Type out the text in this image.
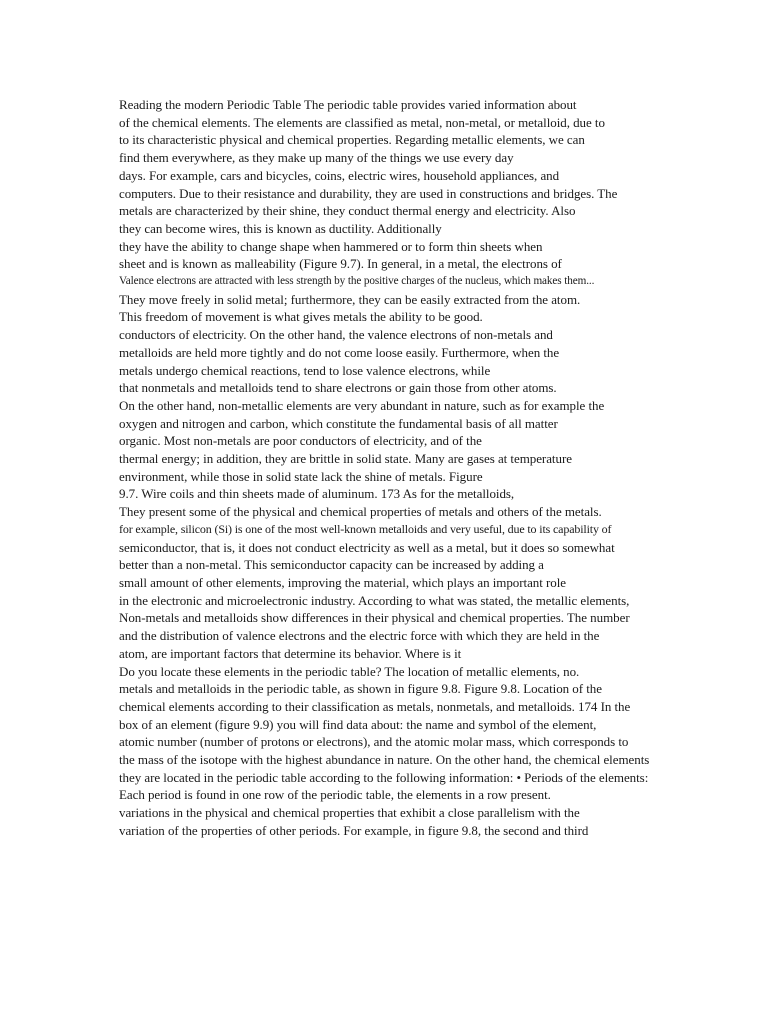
Reading the modern Periodic Table The periodic table provides varied information about
of the chemical elements. The elements are classified as metal, non-metal, or metalloid, due to
to its characteristic physical and chemical properties. Regarding metallic elements, we can
find them everywhere, as they make up many of the things we use every day
days. For example, cars and bicycles, coins, electric wires, household appliances, and
computers. Due to their resistance and durability, they are used in constructions and bridges. The
metals are characterized by their shine, they conduct thermal energy and electricity. Also
they can become wires, this is known as ductility. Additionally
they have the ability to change shape when hammered or to form thin sheets when
sheet and is known as malleability (Figure 9.7). In general, in a metal, the electrons of
Valence electrons are attracted with less strength by the positive charges of the nucleus, which makes them...
They move freely in solid metal; furthermore, they can be easily extracted from the atom.
This freedom of movement is what gives metals the ability to be good.
conductors of electricity. On the other hand, the valence electrons of non-metals and
metalloids are held more tightly and do not come loose easily. Furthermore, when the
metals undergo chemical reactions, tend to lose valence electrons, while
that nonmetals and metalloids tend to share electrons or gain those from other atoms.
On the other hand, non-metallic elements are very abundant in nature, such as for example the
oxygen and nitrogen and carbon, which constitute the fundamental basis of all matter
organic. Most non-metals are poor conductors of electricity, and of the
thermal energy; in addition, they are brittle in solid state. Many are gases at temperature
environment, while those in solid state lack the shine of metals. Figure
9.7. Wire coils and thin sheets made of aluminum. 173 As for the metalloids,
They present some of the physical and chemical properties of metals and others of the metals.
for example, silicon (Si) is one of the most well-known metalloids and very useful, due to its capability of
semiconductor, that is, it does not conduct electricity as well as a metal, but it does so somewhat
better than a non-metal. This semiconductor capacity can be increased by adding a
small amount of other elements, improving the material, which plays an important role
in the electronic and microelectronic industry. According to what was stated, the metallic elements,
Non-metals and metalloids show differences in their physical and chemical properties. The number
and the distribution of valence electrons and the electric force with which they are held in the
atom, are important factors that determine its behavior. Where is it
Do you locate these elements in the periodic table? The location of metallic elements, no.
metals and metalloids in the periodic table, as shown in figure 9.8. Figure 9.8. Location of the
chemical elements according to their classification as metals, nonmetals, and metalloids. 174 In the
box of an element (figure 9.9) you will find data about: the name and symbol of the element,
atomic number (number of protons or electrons), and the atomic molar mass, which corresponds to
the mass of the isotope with the highest abundance in nature. On the other hand, the chemical elements
they are located in the periodic table according to the following information: • Periods of the elements:
Each period is found in one row of the periodic table, the elements in a row present.
variations in the physical and chemical properties that exhibit a close parallelism with the
variation of the properties of other periods. For example, in figure 9.8, the second and third
